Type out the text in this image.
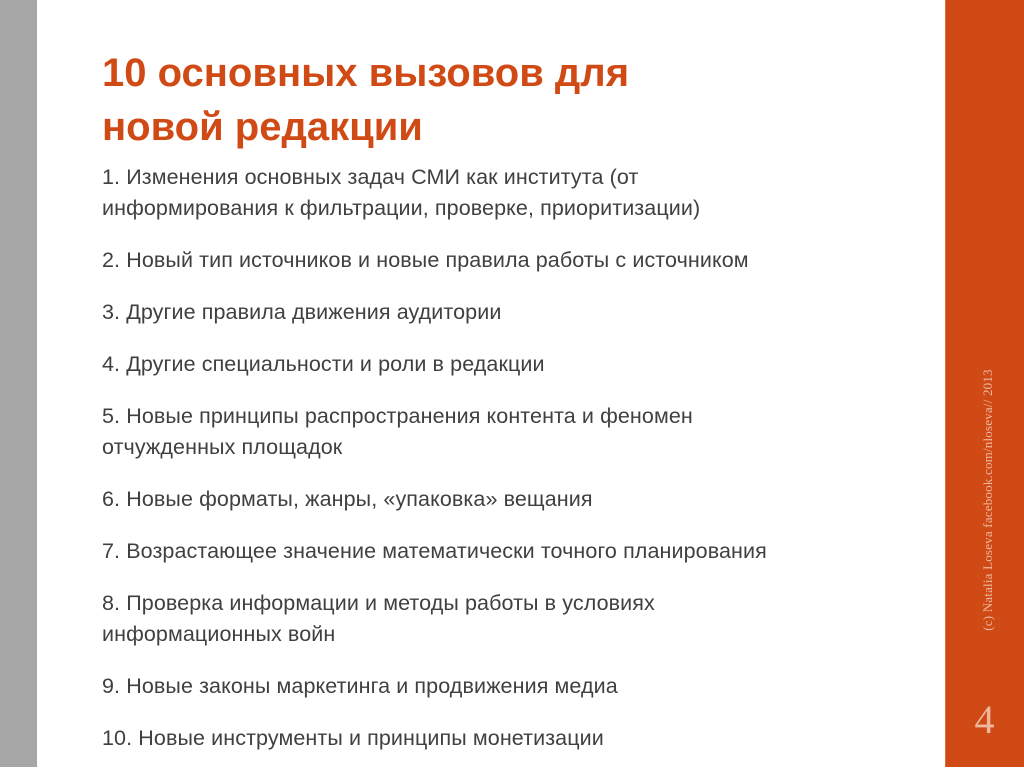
10 основных вызовов для
новой редакции
1. Изменения основных задач СМИ как института (от
информирования к фильтрации, проверке, приоритизации)
2. Новый тип источников и новые правила работы с источником
3. Другие правила движения аудитории
4. Другие специальности и роли в редакции
5. Новые принципы распространения контента и феномен
отчужденных площадок
6. Новые форматы, жанры, «упаковка» вещания
7. Возрастающее значение математически точного планирования
8. Проверка информации и методы работы в условиях
информационных войн
9. Новые законы маркетинга и продвижения медиа
10. Новые инструменты и принципы монетизации
(c) Natalia Loseva facebook.com/nloseva// 2013
4
